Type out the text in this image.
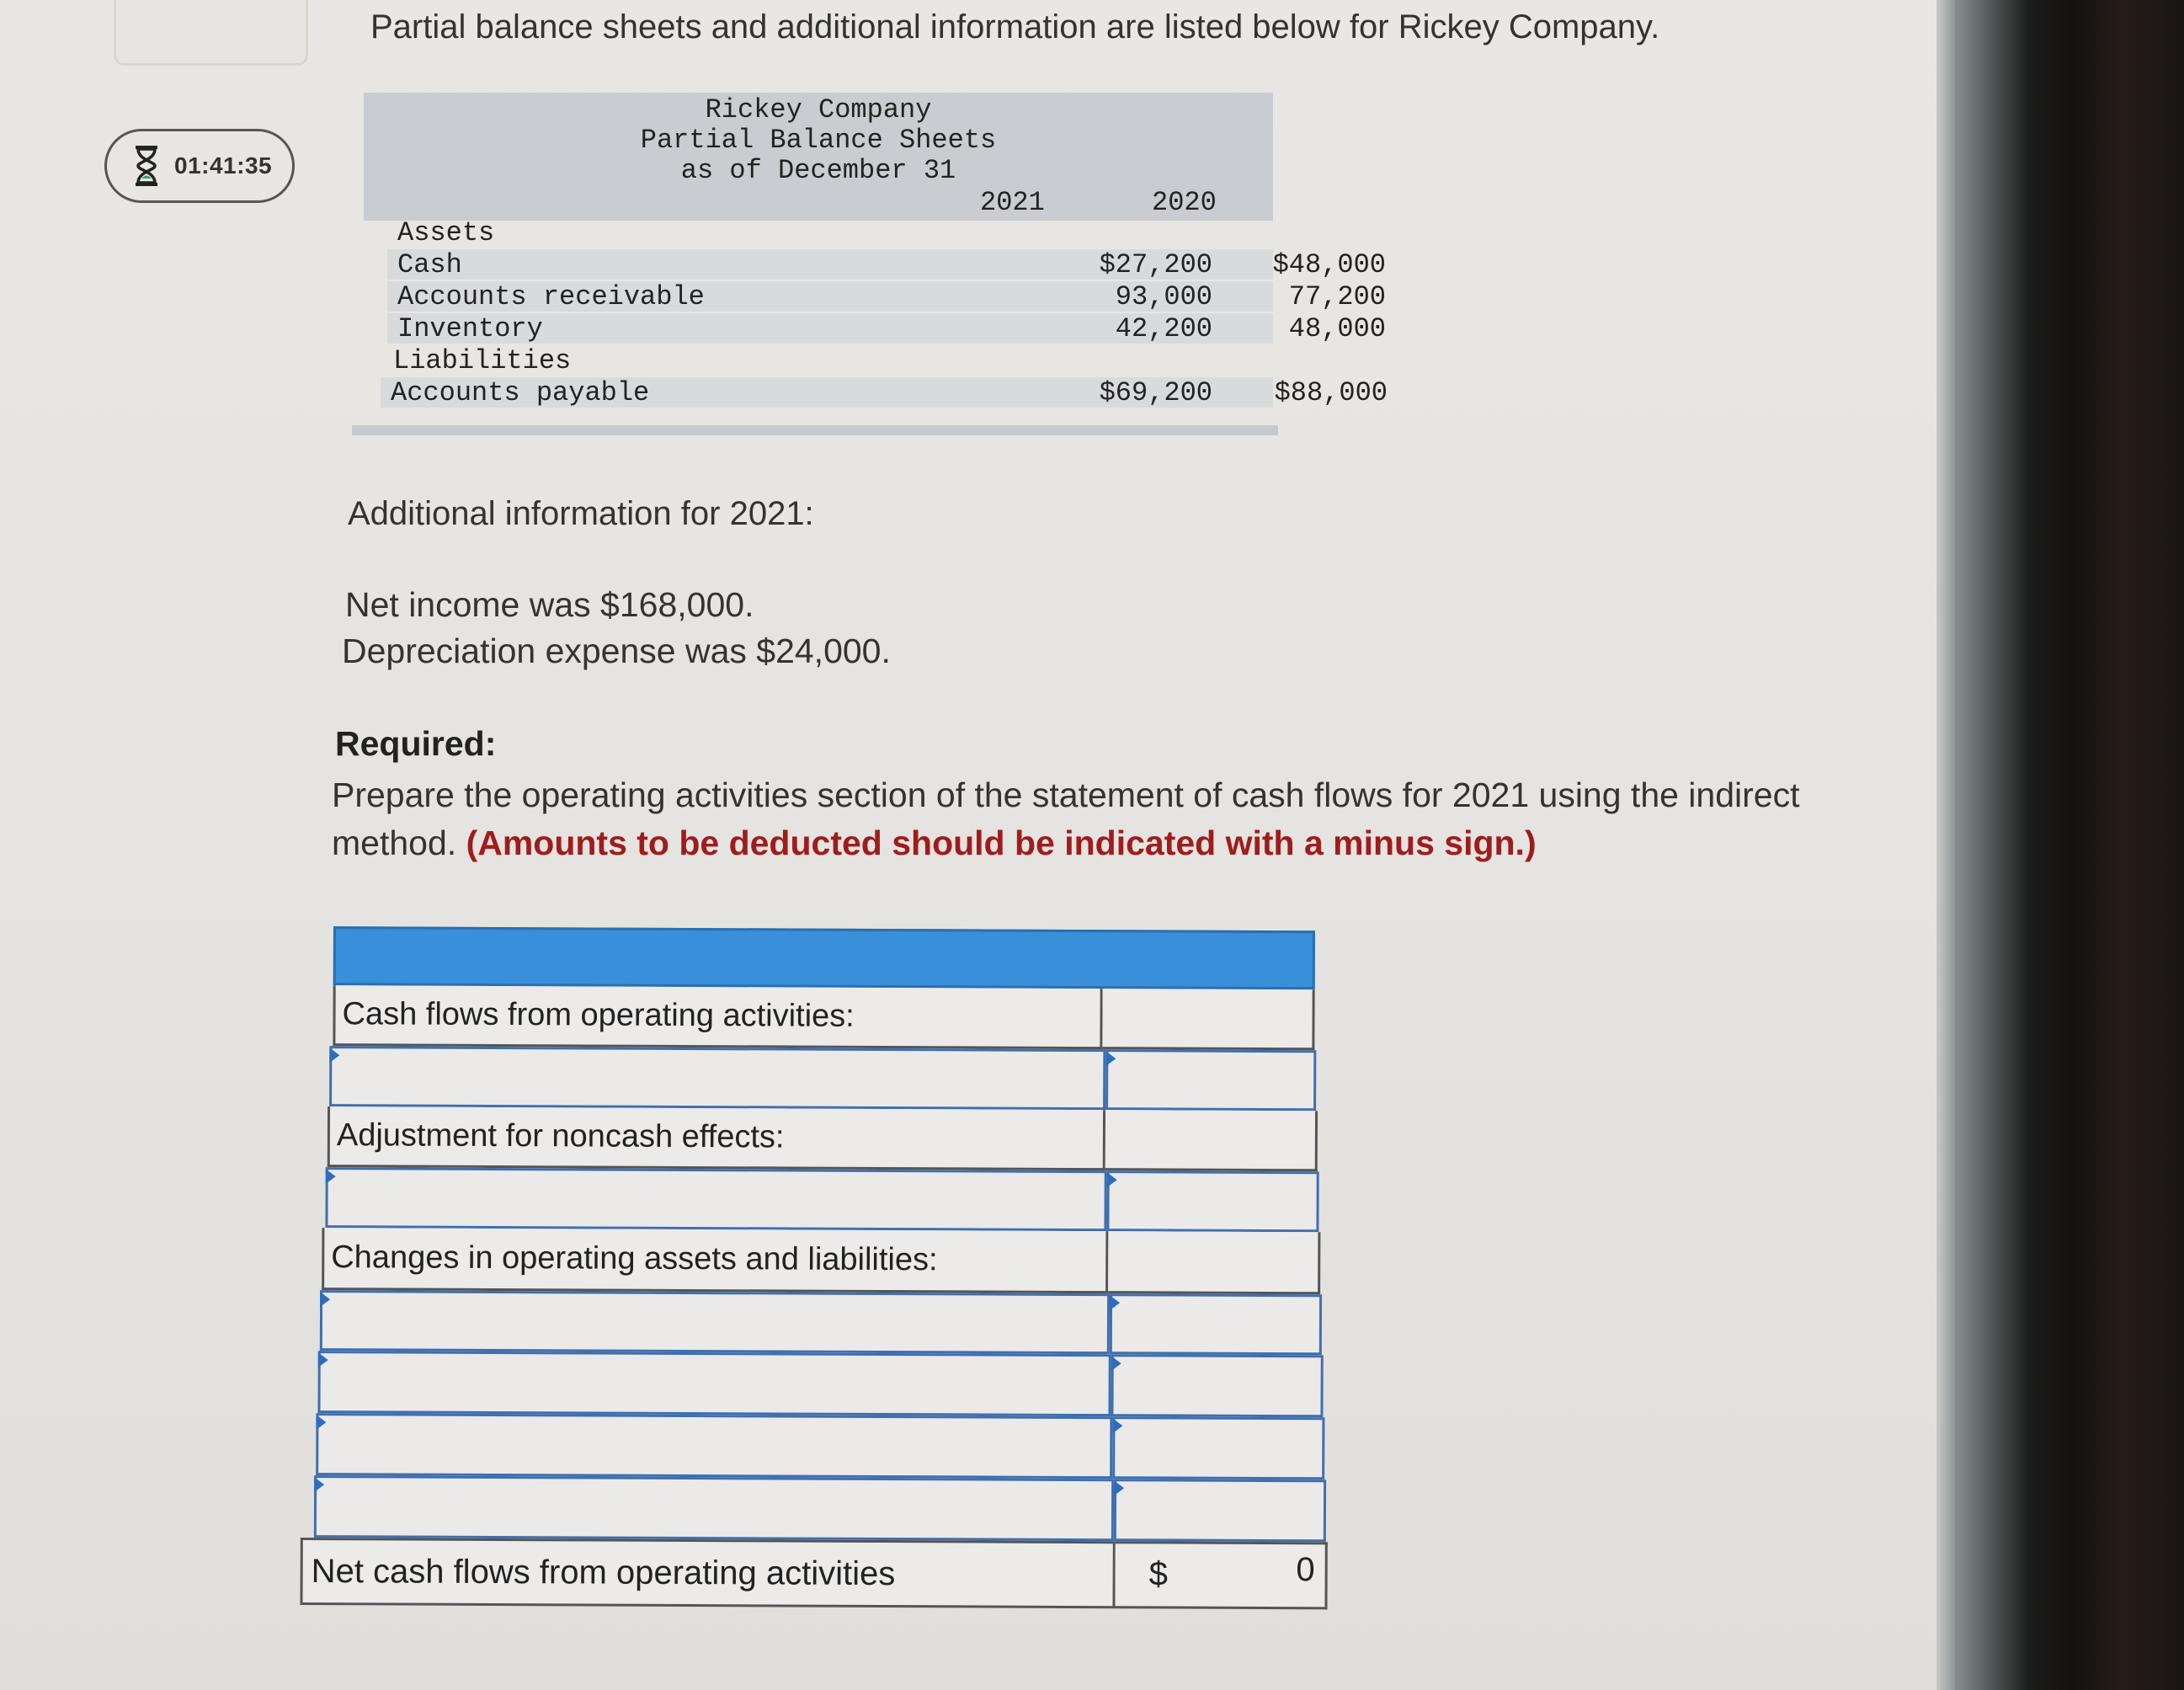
01:41:35
Partial balance sheets and additional information are listed below for Rickey Company.
Rickey Company
Partial Balance Sheets
as of December 31
2021	2020
Assets
Cash	$27,200	$48,000
Accounts receivable	93,000	77,200
Inventory	42,200	48,000
Liabilities
Accounts payable	$69,200	$88,000
Additional information for 2021:
Net income was $168,000.
Depreciation expense was $24,000.
Required:
Prepare the operating activities section of the statement of cash flows for 2021 using the indirect method. (Amounts to be deducted should be indicated with a minus sign.)
Cash flows from operating activities:
Adjustment for noncash effects:
Changes in operating assets and liabilities:
Net cash flows from operating activities	$	0
